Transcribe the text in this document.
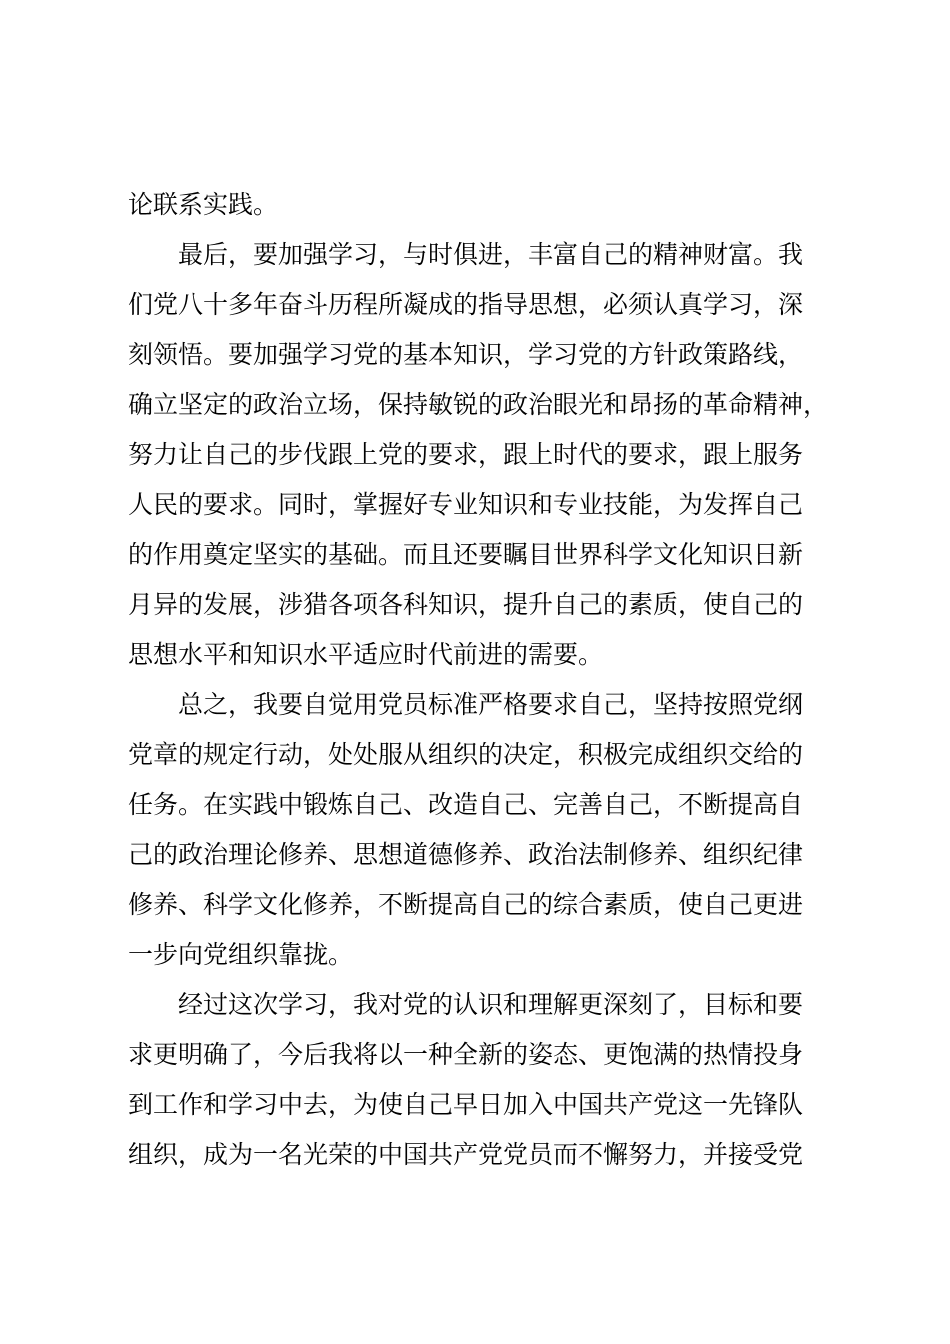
论联系实践。
最后，要加强学习，与时俱进，丰富自己的精神财富。我
们党八十多年奋斗历程所凝成的指导思想，必须认真学习，深
刻领悟。要加强学习党的基本知识，学习党的方针政策路线，
确立坚定的政治立场，保持敏锐的政治眼光和昂扬的革命精神，
努力让自己的步伐跟上党的要求，跟上时代的要求，跟上服务
人民的要求。同时，掌握好专业知识和专业技能，为发挥自己
的作用奠定坚实的基础。而且还要瞩目世界科学文化知识日新
月异的发展，涉猎各项各科知识，提升自己的素质，使自己的
思想水平和知识水平适应时代前进的需要。
总之，我要自觉用党员标准严格要求自己，坚持按照党纲
党章的规定行动，处处服从组织的决定，积极完成组织交给的
任务。在实践中锻炼自己、改造自己、完善自己，不断提高自
己的政治理论修养、思想道德修养、政治法制修养、组织纪律
修养、科学文化修养，不断提高自己的综合素质，使自己更进
一步向党组织靠拢。
经过这次学习，我对党的认识和理解更深刻了，目标和要
求更明确了，今后我将以一种全新的姿态、更饱满的热情投身
到工作和学习中去，为使自己早日加入中国共产党这一先锋队
组织，成为一名光荣的中国共产党党员而不懈努力，并接受党
